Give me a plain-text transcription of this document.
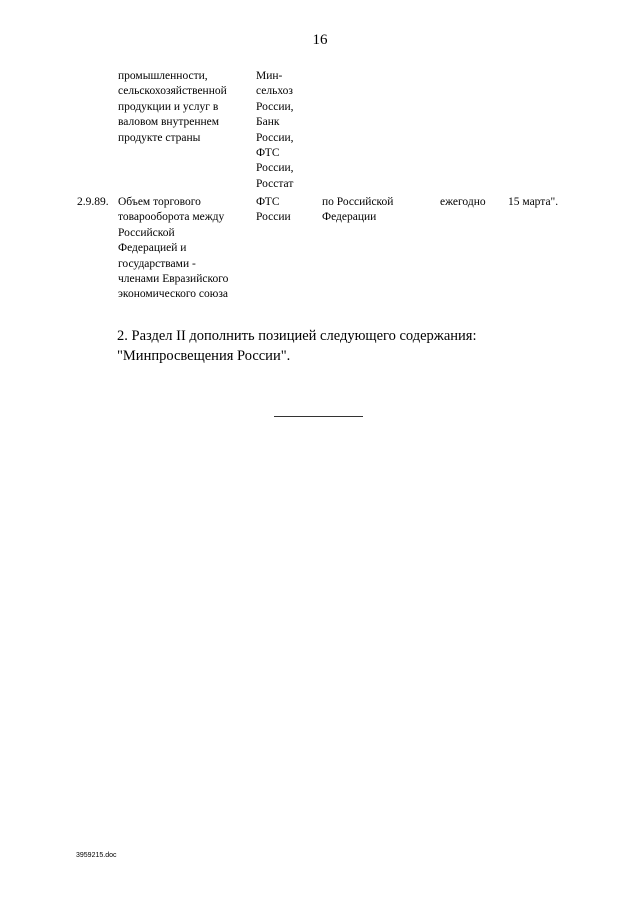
16
промышленности,
сельскохозяйственной
продукции и услуг в
валовом внутреннем
продукте страны
Мин-
сельхоз
России,
Банк
России,
ФТС
России,
Росстат
2.9.89. Объем торгового
товарооборота между
Российской
Федерацией и
государствами -
членами Евразийского
экономического союза
ФТС
России
по Российской
Федерации
ежегодно	15 марта".
2. Раздел II дополнить позицией следующего содержания:
"Минпросвещения России".
3959215.doc
